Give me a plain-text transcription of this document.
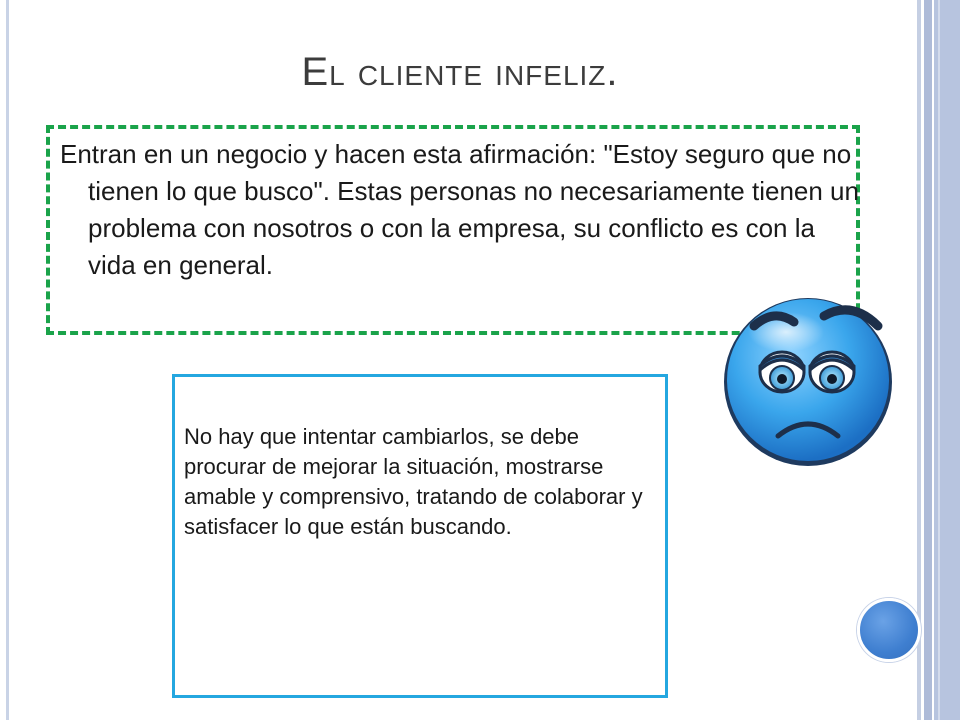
El cliente infeliz.

Entran en un negocio y hacen esta afirmación: "Estoy seguro que no tienen lo que busco". Estas personas no necesariamente tienen un problema con nosotros o con la empresa, su conflicto es con la vida en general.

No hay que intentar cambiarlos, se debe procurar de mejorar la situación, mostrarse amable y comprensivo, tratando de colaborar y satisfacer lo que están buscando.
